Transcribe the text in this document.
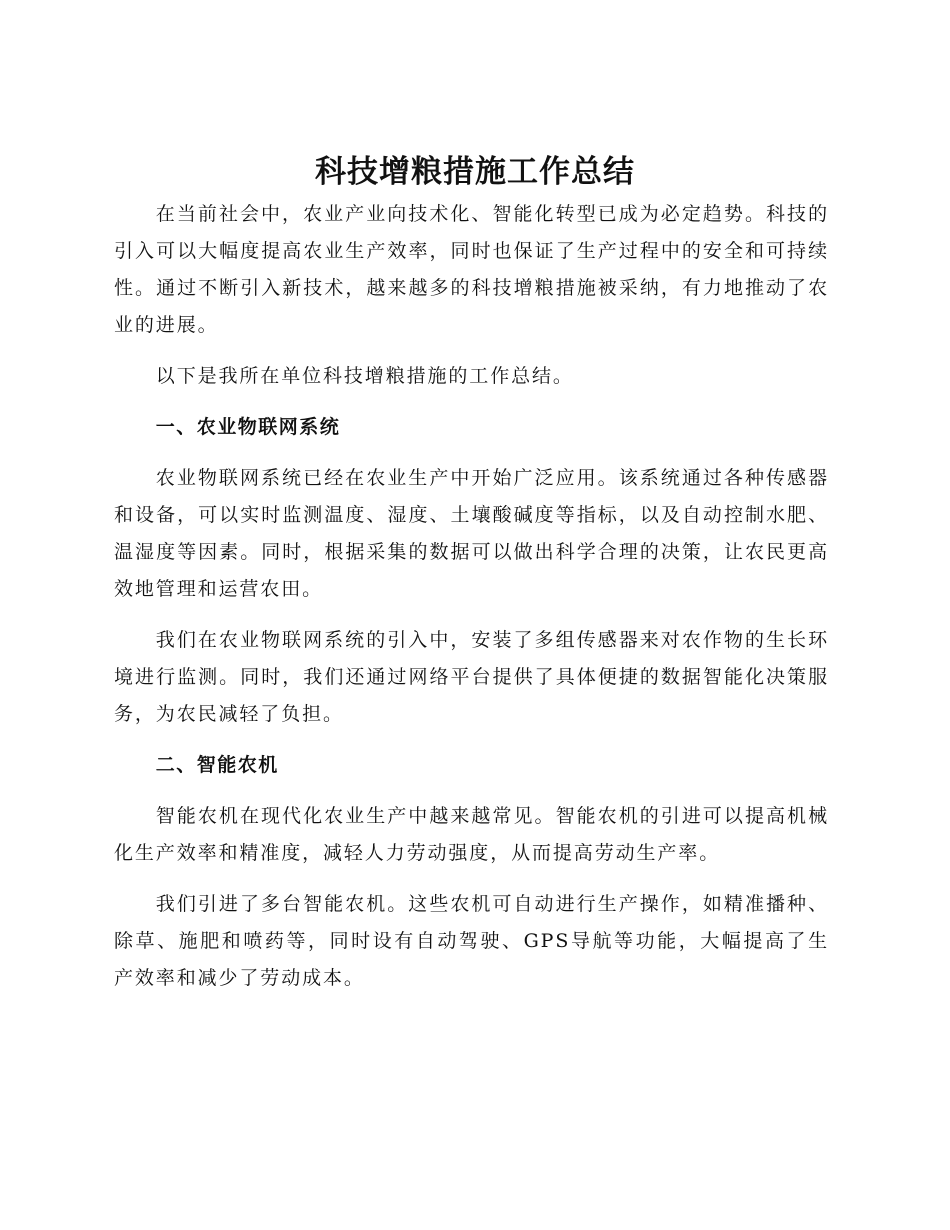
科技增粮措施工作总结

在当前社会中，农业产业向技术化、智能化转型已成为必定趋势。科技的引入可以大幅度提高农业生产效率，同时也保证了生产过程中的安全和可持续性。通过不断引入新技术，越来越多的科技增粮措施被采纳，有力地推动了农业的进展。

以下是我所在单位科技增粮措施的工作总结。

一、农业物联网系统

农业物联网系统已经在农业生产中开始广泛应用。该系统通过各种传感器和设备，可以实时监测温度、湿度、土壤酸碱度等指标，以及自动控制水肥、温湿度等因素。同时，根据采集的数据可以做出科学合理的决策，让农民更高效地管理和运营农田。

我们在农业物联网系统的引入中，安装了多组传感器来对农作物的生长环境进行监测。同时，我们还通过网络平台提供了具体便捷的数据智能化决策服务，为农民减轻了负担。

二、智能农机

智能农机在现代化农业生产中越来越常见。智能农机的引进可以提高机械化生产效率和精准度，减轻人力劳动强度，从而提高劳动生产率。

我们引进了多台智能农机。这些农机可自动进行生产操作，如精准播种、除草、施肥和喷药等，同时设有自动驾驶、GPS导航等功能，大幅提高了生产效率和减少了劳动成本。
